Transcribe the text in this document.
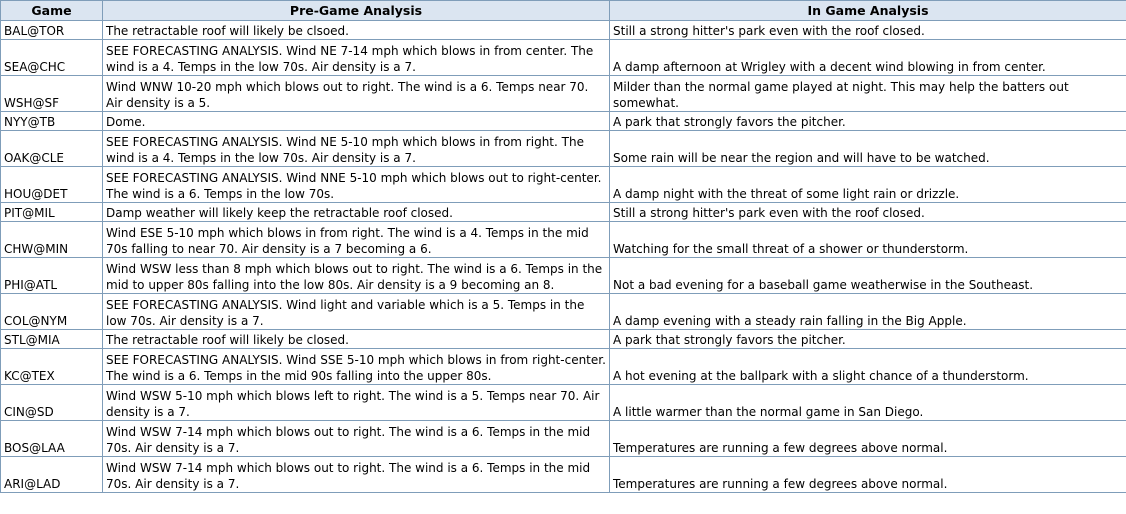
Game	Pre-Game Analysis	In Game Analysis
BAL@TOR	The retractable roof will likely be clsoed.	Still a strong hitter's park even with the roof closed.
SEA@CHC	SEE FORECASTING ANALYSIS. Wind NE 7-14 mph which blows in from center. The wind is a 4. Temps in the low 70s. Air density is a 7.	A damp afternoon at Wrigley with a decent wind blowing in from center.
WSH@SF	Wind WNW 10-20 mph which blows out to right. The wind is a 6. Temps near 70. Air density is a 5.	Milder than the normal game played at night. This may help the batters out somewhat.
NYY@TB	Dome.	A park that strongly favors the pitcher.
OAK@CLE	SEE FORECASTING ANALYSIS. Wind NE 5-10 mph which blows in from right. The wind is a 4. Temps in the low 70s. Air density is a 7.	Some rain will be near the region and will have to be watched.
HOU@DET	SEE FORECASTING ANALYSIS. Wind NNE 5-10 mph which blows out to right-center. The wind is a 6. Temps in the low 70s.	A damp night with the threat of some light rain or drizzle.
PIT@MIL	Damp weather will likely keep the retractable roof closed.	Still a strong hitter's park even with the roof closed.
CHW@MIN	Wind ESE 5-10 mph which blows in from right. The wind is a 4. Temps in the mid 70s falling to near 70. Air density is a 7 becoming a 6.	Watching for the small threat of a shower or thunderstorm.
PHI@ATL	Wind WSW less than 8 mph which blows out to right. The wind is a 6. Temps in the mid to upper 80s falling into the low 80s. Air density is a 9 becoming an 8.	Not a bad evening for a baseball game weatherwise in the Southeast.
COL@NYM	SEE FORECASTING ANALYSIS. Wind light and variable which is a 5. Temps in the low 70s. Air density is a 7.	A damp evening with a steady rain falling in the Big Apple.
STL@MIA	The retractable roof will likely be closed.	A park that strongly favors the pitcher.
KC@TEX	SEE FORECASTING ANALYSIS. Wind SSE 5-10 mph which blows in from right-center. The wind is a 6. Temps in the mid 90s falling into the upper 80s.	A hot evening at the ballpark with a slight chance of a thunderstorm.
CIN@SD	Wind WSW 5-10 mph which blows left to right. The wind is a 5. Temps near 70. Air density is a 7.	A little warmer than the normal game in San Diego.
BOS@LAA	Wind WSW 7-14 mph which blows out to right. The wind is a 6. Temps in the mid 70s. Air density is a 7.	Temperatures are running a few degrees above normal.
ARI@LAD	Wind WSW 7-14 mph which blows out to right. The wind is a 6. Temps in the mid 70s. Air density is a 7.	Temperatures are running a few degrees above normal.
